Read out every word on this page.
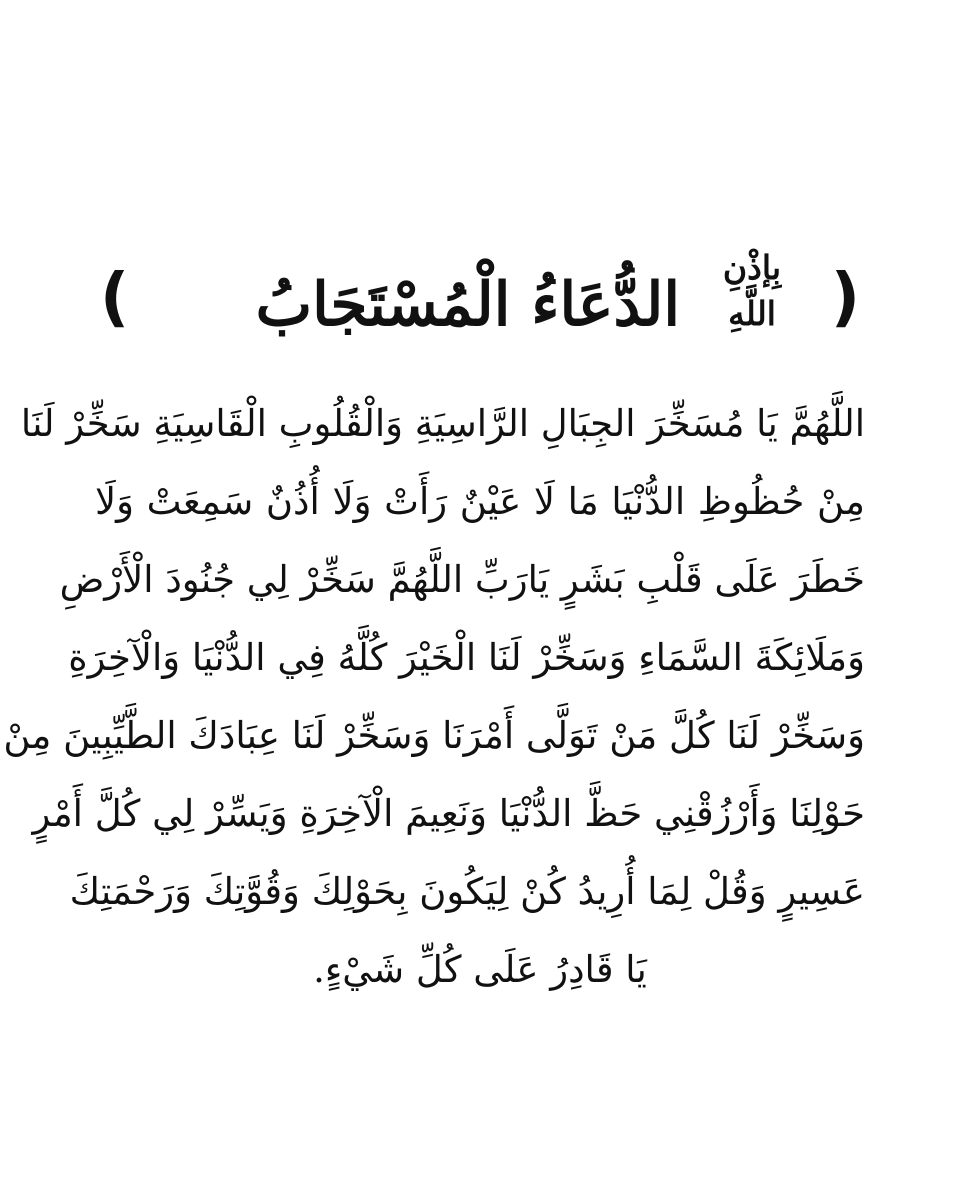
(
بِإذْنِ
اللَّهِ
الدُّعَاءُ الْمُسْتَجَابُ
)
اللَّهُمَّ يَا مُسَخِّرَ الجِبَالِ الرَّاسِيَةِ وَالْقُلُوبِ الْقَاسِيَةِ سَخِّرْ لَنَا
مِنْ حُظُوظِ الدُّنْيَا مَا لَا عَيْنٌ رَأَتْ وَلَا أُذُنٌ سَمِعَتْ وَلَا
خَطَرَ عَلَى قَلْبِ بَشَرٍ يَارَبِّ اللَّهُمَّ سَخِّرْ لِي جُنُودَ الْأَرْضِ
وَمَلَائِكَةَ السَّمَاءِ وَسَخِّرْ لَنَا الْخَيْرَ كُلَّهُ فِي الدُّنْيَا وَالْآخِرَةِ
وَسَخِّرْ لَنَا كُلَّ مَنْ تَوَلَّى أَمْرَنَا وَسَخِّرْ لَنَا عِبَادَكَ الطَّيِّبِينَ مِنْ
حَوْلِنَا وَأَرْزُقْنِي حَظَّ الدُّنْيَا وَنَعِيمَ الْآخِرَةِ وَيَسِّرْ لِي كُلَّ أَمْرٍ
عَسِيرٍ وَقُلْ لِمَا أُرِيدُ كُنْ لِيَكُونَ بِحَوْلِكَ وَقُوَّتِكَ وَرَحْمَتِكَ
يَا قَادِرُ عَلَى كُلِّ شَيْءٍ.
